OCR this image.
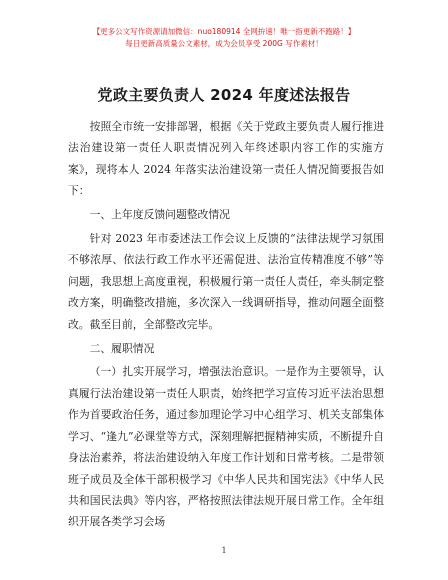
【更多公文写作资源请加微信：nuo180914 全网拚速！唯一指更新不跑路！】
每日更新高质量公文素材，成为会员享受 200G 写作素材！
党政主要负责人 2024 年度述法报告

按照全市统一安排部署，根据《关于党政主要负责人履行推进法治建设第一责任人职责情况列入年终述职内容工作的实施方案》，现将本人 2024 年落实法治建设第一责任人情况简要报告如下：

一、上年度反馈问题整改情况

针对 2023 年市委述法工作会议上反馈的“法律法规学习氛围不够浓厚、依法行政工作水平还需促进、法治宣传精准度不够”等问题，我思想上高度重视，积极履行第一责任人责任，牵头制定整改方案，明确整改措施，多次深入一线调研指导，推动问题全面整改。截至目前，全部整改完毕。

二、履职情况

（一）扎实开展学习，增强法治意识。一是作为主要领导，认真履行法治建设第一责任人职责，始终把学习宣传习近平法治思想作为首要政治任务，通过参加理论学习中心组学习、机关支部集体学习、“逢九”必课堂等方式，深刻理解把握精神实质，不断提升自身法治素养，将法治建设纳入年度工作计划和日常考核。二是带领班子成员及全体干部积极学习《中华人民共和国宪法》《中华人民共和国民法典》等内容，严格按照法律法规开展日常工作。全年组织开展各类学习会场

1
